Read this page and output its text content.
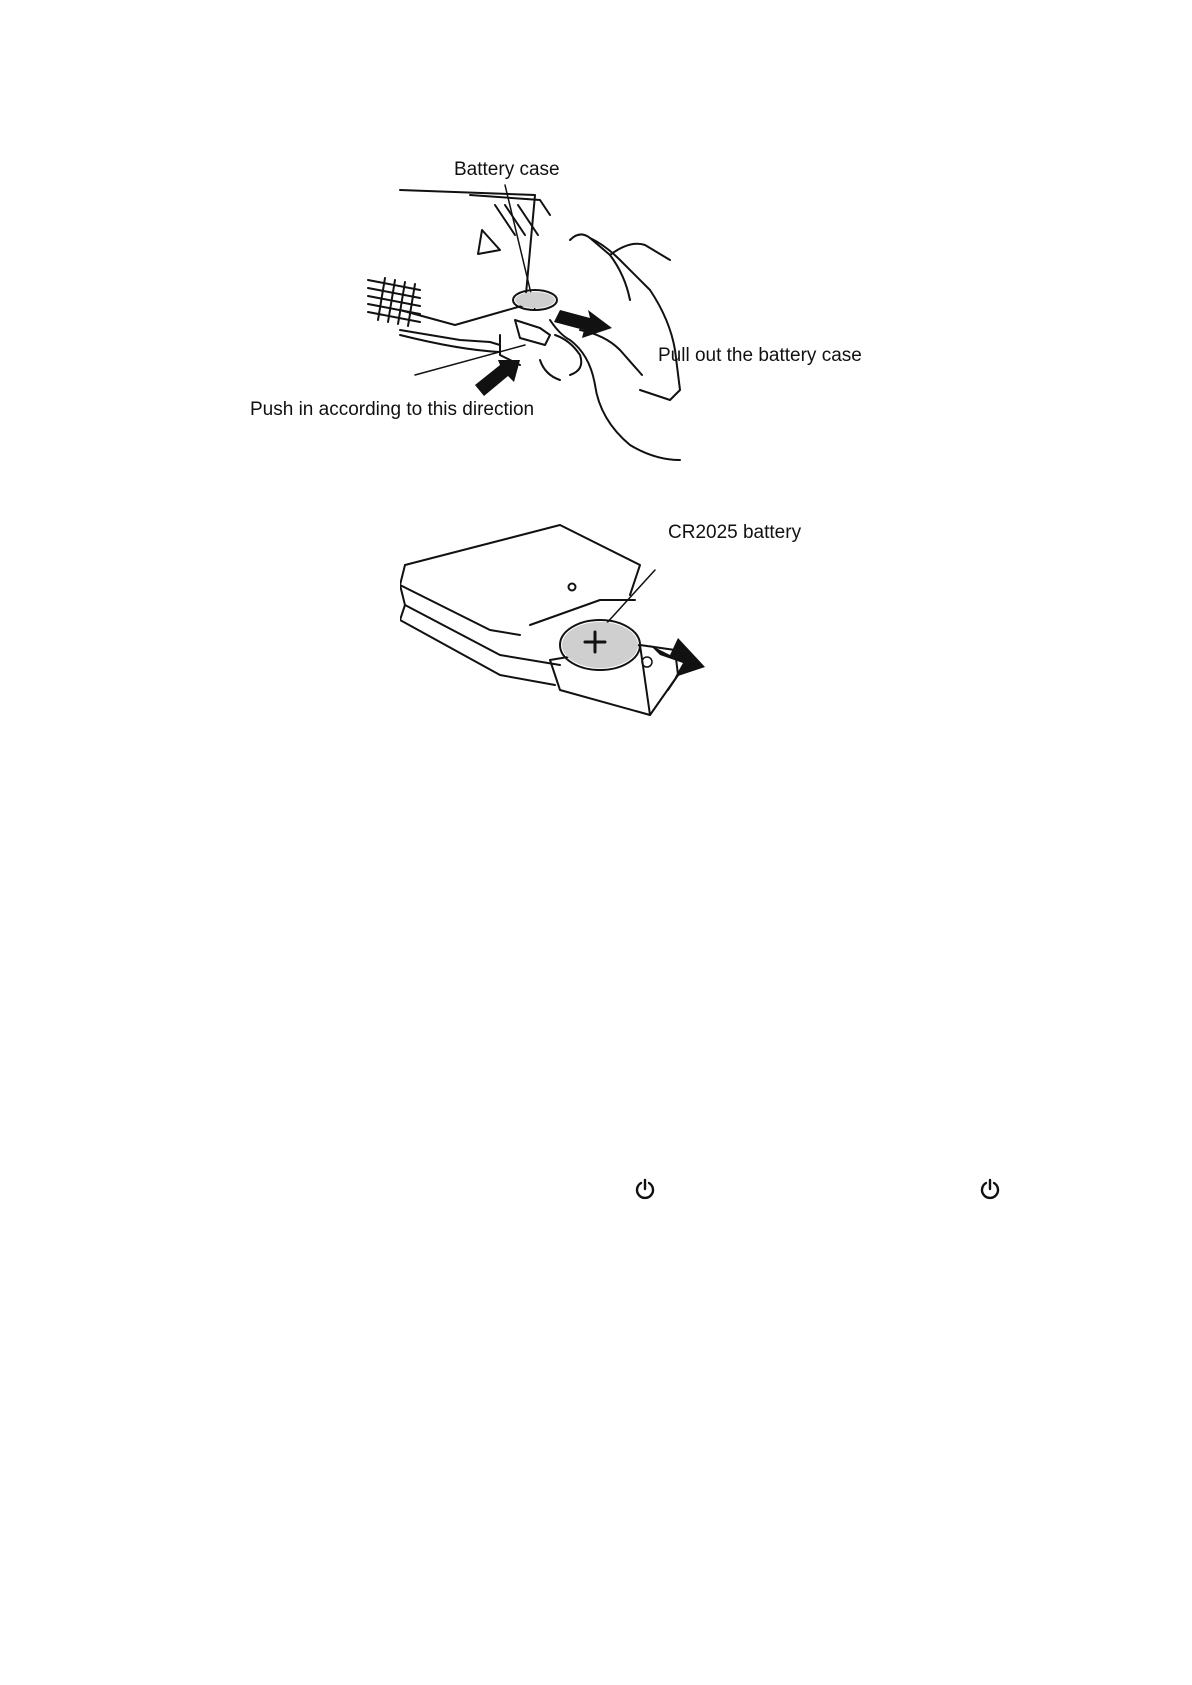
Battery case
Pull out the battery case
Push in according to this direction
CR2025 battery
